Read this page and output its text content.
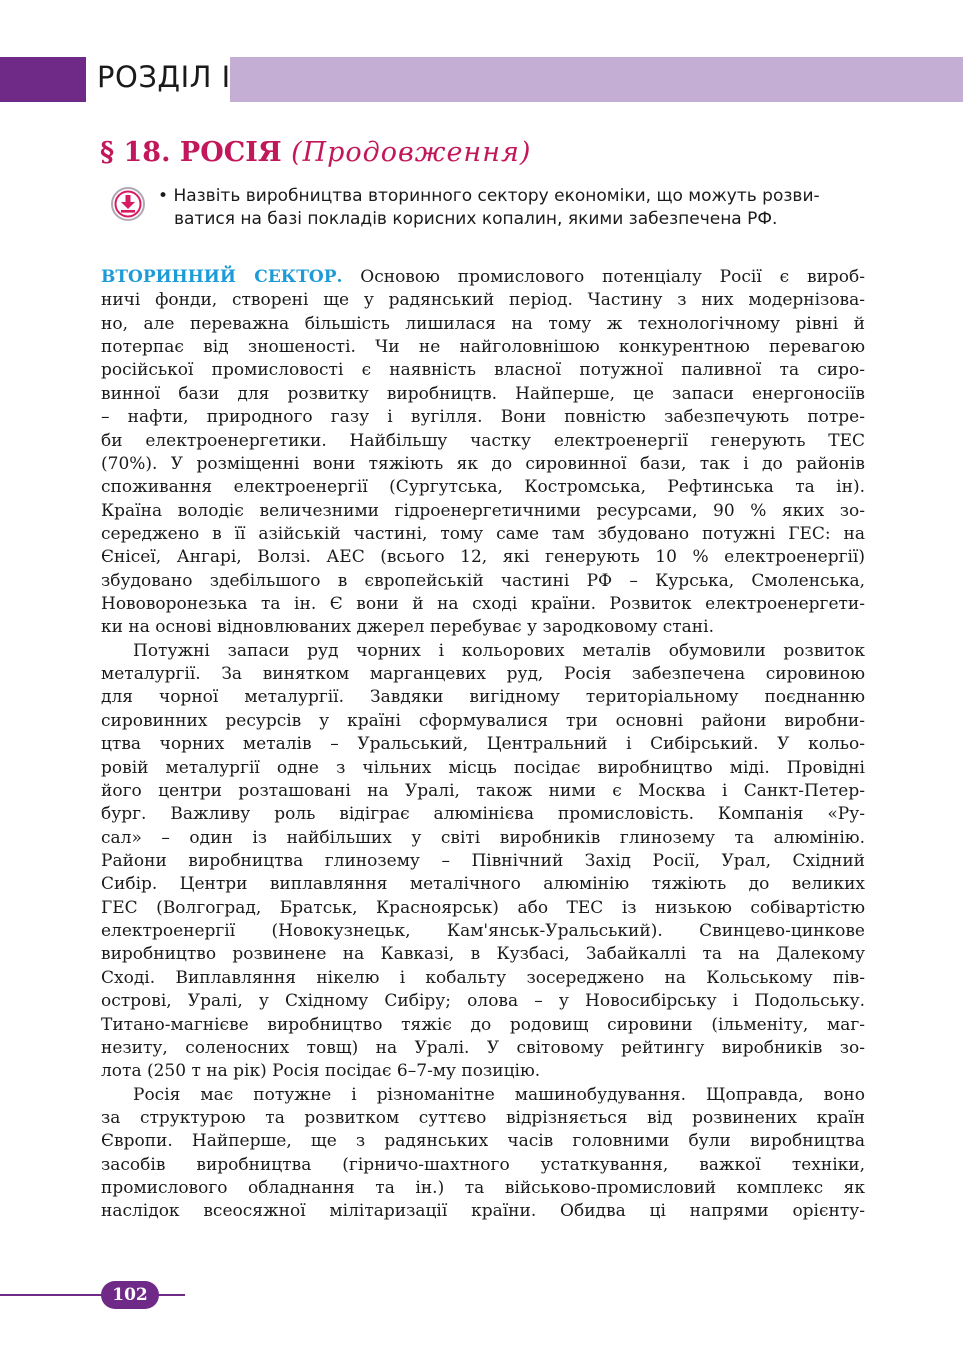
РОЗДІЛ І
§ 18. РОСІЯ (Продовження)
• Назвіть виробництва вторинного сектору економіки, що можуть розви-
ватися на базі покладів корисних копалин, якими забезпечена РФ.
ВТОРИННИЙ СЕКТОР. Основою промислового потенціалу Росії є вироб-
ничі фонди, створені ще у радянський період. Частину з них модернізова-
но, але переважна більшість лишилася на тому ж технологічному рівні й
потерпає від зношеності. Чи не найголовнішою конкурентною перевагою
російської промисловості є наявність власної потужної паливної та сиро-
винної бази для розвитку виробництв. Найперше, це запаси енергоносіїв
– нафти, природного газу і вугілля. Вони повністю забезпечують потре-
би електроенергетики. Найбільшу частку електроенергії генерують ТЕС
(70%). У розміщенні вони тяжіють як до сировинної бази, так і до районів
споживання електроенергії (Сургутська, Костромська, Рефтинська та ін).
Країна володіє величезними гідроенергетичними ресурсами, 90 % яких зо-
середжено в її азійській частині, тому саме там збудовано потужні ГЕС: на
Єнісеї, Ангарі, Волзі. АЕС (всього 12, які генерують 10 % електроенергії)
збудовано здебільшого в європейській частині РФ – Курська, Смоленська,
Нововоронезька та ін. Є вони й на сході країни. Розвиток електроенергети-
ки на основі відновлюваних джерел перебуває у зародковому стані.
Потужні запаси руд чорних і кольорових металів обумовили розвиток
металургії. За винятком марганцевих руд, Росія забезпечена сировиною
для чорної металургії. Завдяки вигідному територіальному поєднанню
сировинних ресурсів у країні сформувалися три основні райони виробни-
цтва чорних металів – Уральський, Центральний і Сибірський. У кольо-
ровій металургії одне з чільних місць посідає виробництво міді. Провідні
його центри розташовані на Уралі, також ними є Москва і Санкт-Петер-
бург. Важливу роль відіграє алюмінієва промисловість. Компанія «Ру-
сал» – один із найбільших у світі виробників глинозему та алюмінію.
Райони виробництва глинозему – Північний Захід Росії, Урал, Східний
Сибір. Центри виплавляння металічного алюмінію тяжіють до великих
ГЕС (Волгоград, Братськ, Красноярськ) або ТЕС із низькою собівартістю
електроенергії (Новокузнецьк, Кам'янськ-Уральський). Свинцево-цинкове
виробництво розвинене на Кавказі, в Кузбасі, Забайкаллі та на Далекому
Сході. Виплавляння нікелю і кобальту зосереджено на Кольському пів-
острові, Уралі, у Східному Сибіру; олова – у Новосибірську і Подольську.
Титано-магнієве виробництво тяжіє до родовищ сировини (ільменіту, маг-
незиту, соленосних товщ) на Уралі. У світовому рейтингу виробників зо-
лота (250 т на рік) Росія посідає 6–7-му позицію.
Росія має потужне і різноманітне машинобудування. Щоправда, воно
за структурою та розвитком суттєво відрізняється від розвинених країн
Європи. Найперше, ще з радянських часів головними були виробництва
засобів виробництва (гірничо-шахтного устаткування, важкої техніки,
промислового обладнання та ін.) та військово-промисловий комплекс як
наслідок всеосяжної мілітаризації країни. Обидва ці напрями орієнту-
102
